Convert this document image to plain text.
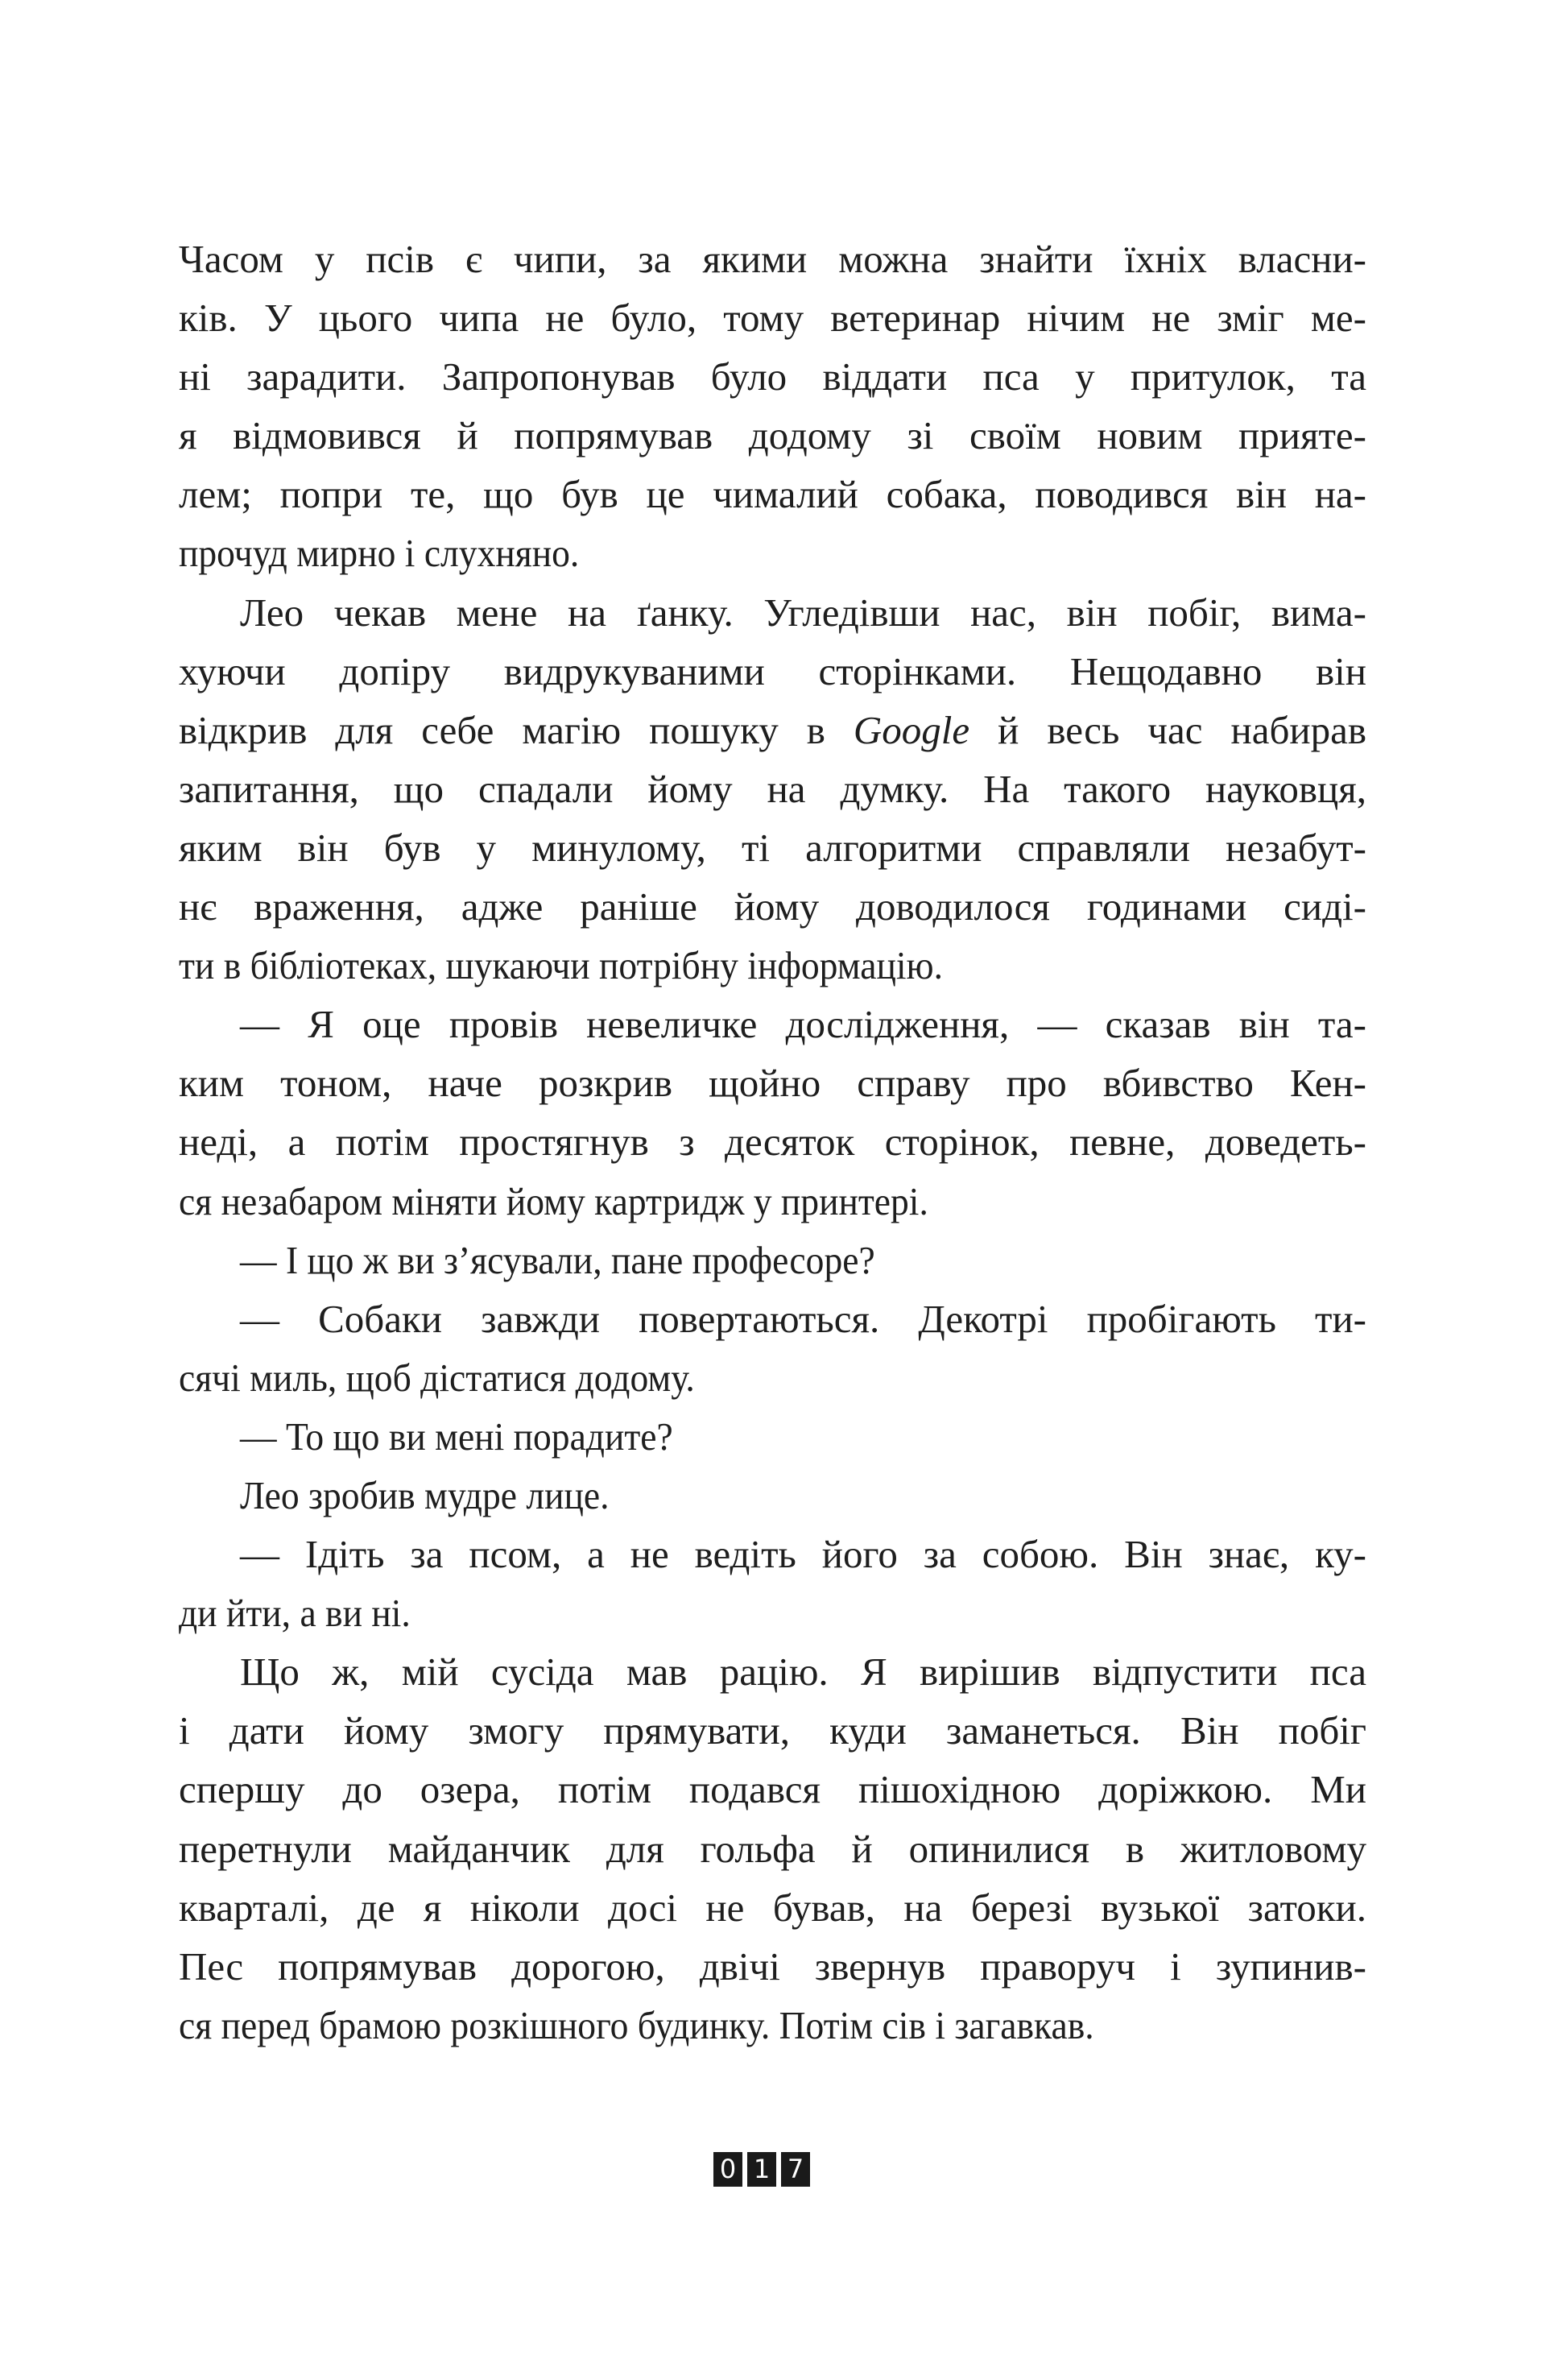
Часом у псів є чипи, за якими можна знайти їхніх власни-
ків. У цього чипа не було, тому ветеринар нічим не зміг ме-
ні зарадити. Запропонував було віддати пса у притулок, та
я відмовився й попрямував додому зі своїм новим прияте-
лем; попри те, що був це чималий собака, поводився він на-
прочуд мирно і слухняно.
Лео чекав мене на ґанку. Угледівши нас, він побіг, вима-
хуючи допіру видрукуваними сторінками. Нещодавно він
відкрив для себе магію пошуку в Google й весь час набирав
запитання, що спадали йому на думку. На такого науковця,
яким він був у минулому, ті алгоритми справляли незабут-
нє враження, адже раніше йому доводилося годинами сиді-
ти в бібліотеках, шукаючи потрібну інформацію.
— Я оце провів невеличке дослідження, — сказав він та-
ким тоном, наче розкрив щойно справу про вбивство Кен-
неді, а потім простягнув з десяток сторінок, певне, доведеть-
ся незабаром міняти йому картридж у принтері.
— І що ж ви з’ясували, пане професоре?
— Собаки завжди повертаються. Декотрі пробігають ти-
сячі миль, щоб дістатися додому.
— То що ви мені порадите?
Лео зробив мудре лице.
— Ідіть за псом, а не ведіть його за собою. Він знає, ку-
ди йти, а ви ні.
Що ж, мій сусіда мав рацію. Я вирішив відпустити пса
і дати йому змогу прямувати, куди заманеться. Він побіг
спершу до озера, потім подався пішохідною доріжкою. Ми
перетнули майданчик для гольфа й опинилися в житловому
кварталі, де я ніколи досі не бував, на березі вузької затоки.
Пес попрямував дорогою, двічі звернув праворуч і зупинив-
ся перед брамою розкішного будинку. Потім сів і загавкав.
0 1 7
